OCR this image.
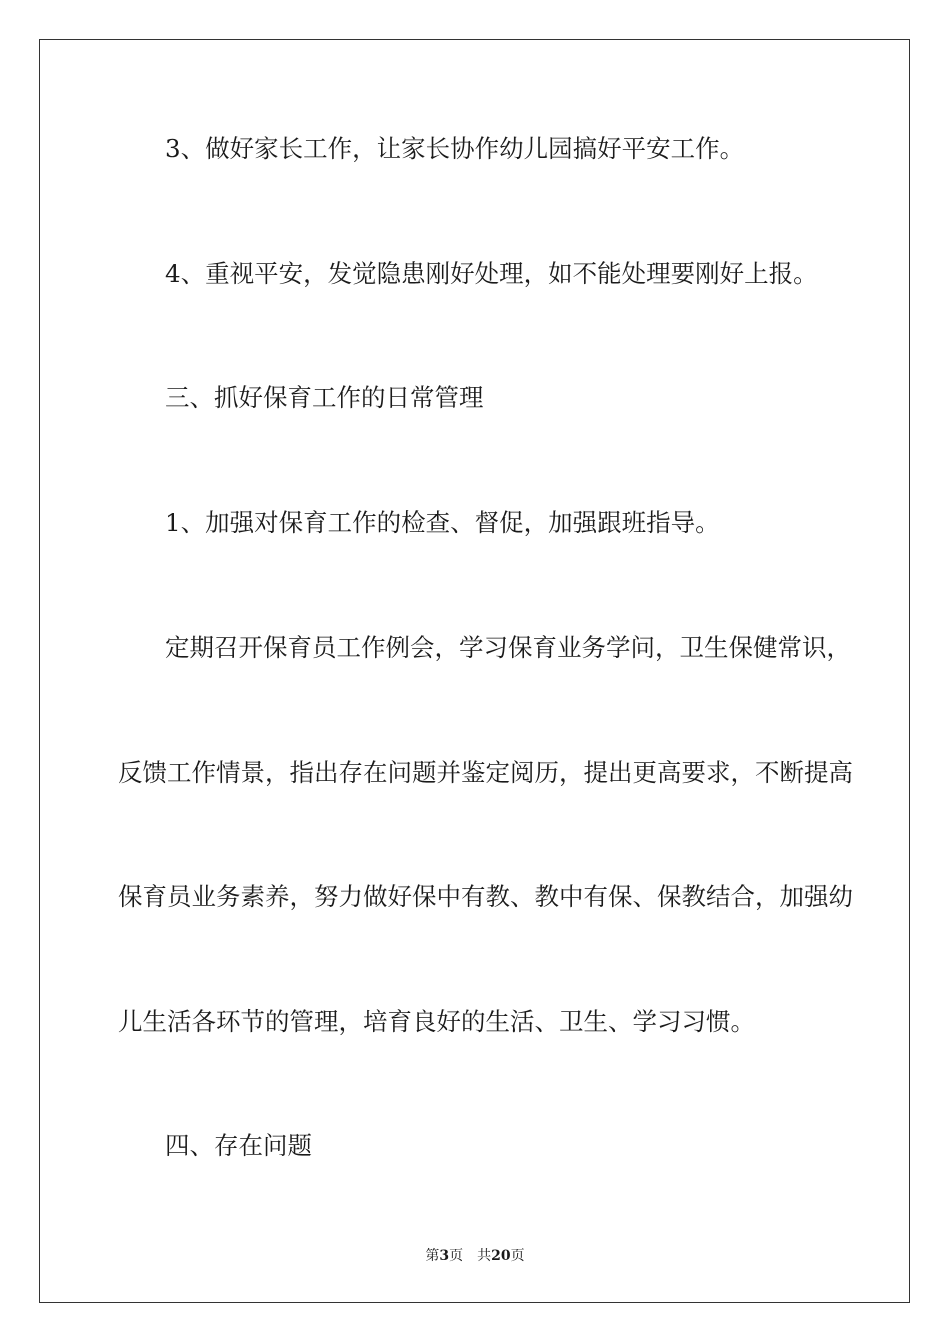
3、做好家长工作，让家长协作幼儿园搞好平安工作。

4、重视平安，发觉隐患刚好处理，如不能处理要刚好上报。

三、抓好保育工作的日常管理

1、加强对保育工作的检查、督促，加强跟班指导。

定期召开保育员工作例会，学习保育业务学问，卫生保健常识，

反馈工作情景，指出存在问题并鉴定阅历，提出更高要求，不断提高

保育员业务素养，努力做好保中有教、教中有保、保教结合，加强幼

儿生活各环节的管理，培育良好的生活、卫生、学习习惯。

四、存在问题

第3页 共20页
